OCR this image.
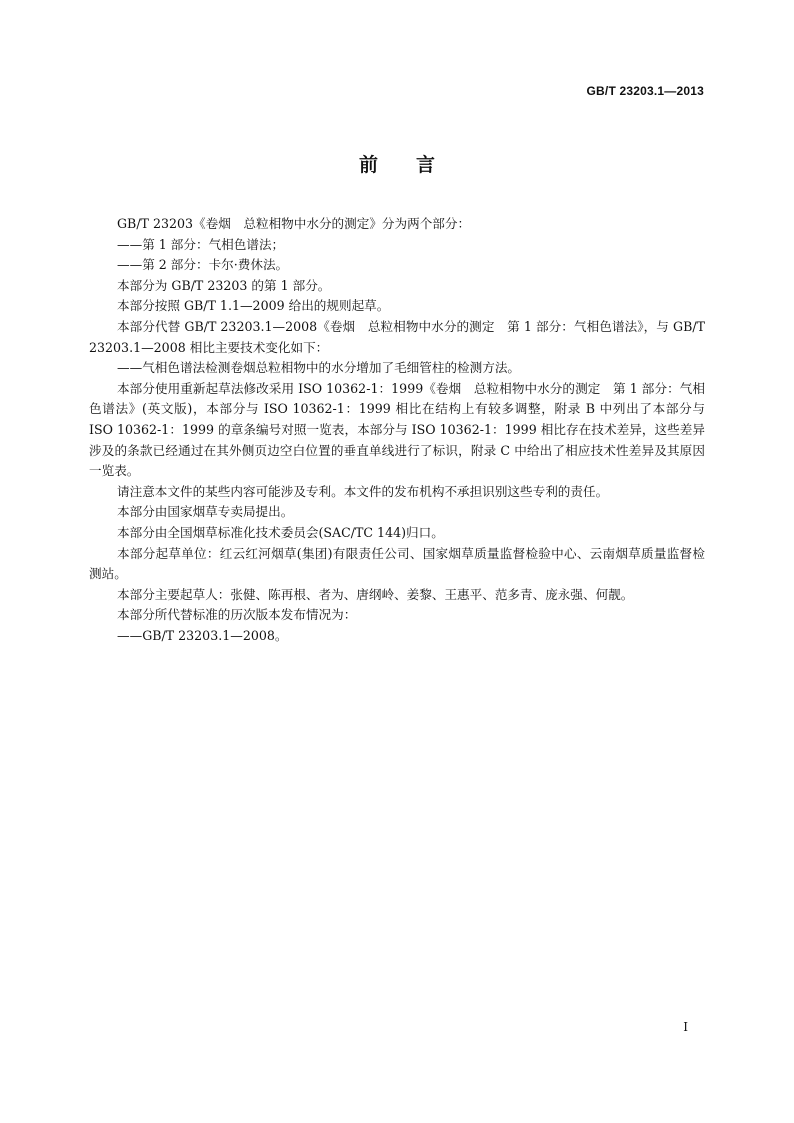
GB/T 23203.1—2013
前言

GB/T 23203《卷烟　总粒相物中水分的测定》分为两个部分：

——第 1 部分：气相色谱法；

——第 2 部分：卡尔·费休法。

本部分为 GB/T 23203 的第 1 部分。

本部分按照 GB/T 1.1—2009 给出的规则起草。

本部分代替 GB/T 23203.1—2008《卷烟　总粒相物中水分的测定　第 1 部分：气相色谱法》，与 GB/T 23203.1—2008 相比主要技术变化如下：

——气相色谱法检测卷烟总粒相物中的水分增加了毛细管柱的检测方法。

本部分使用重新起草法修改采用 ISO 10362-1：1999《卷烟　总粒相物中水分的测定　第 1 部分：气相色谱法》(英文版)，本部分与 ISO 10362-1：1999 相比在结构上有较多调整，附录 B 中列出了本部分与 ISO 10362-1：1999 的章条编号对照一览表，本部分与 ISO 10362-1：1999 相比存在技术差异，这些差异涉及的条款已经通过在其外侧页边空白位置的垂直单线进行了标识，附录 C 中给出了相应技术性差异及其原因一览表。

请注意本文件的某些内容可能涉及专利。本文件的发布机构不承担识别这些专利的责任。

本部分由国家烟草专卖局提出。

本部分由全国烟草标准化技术委员会(SAC/TC 144)归口。

本部分起草单位：红云红河烟草(集团)有限责任公司、国家烟草质量监督检验中心、云南烟草质量监督检测站。

本部分主要起草人：张健、陈再根、者为、唐纲岭、姜黎、王惠平、范多青、庞永强、何靓。

本部分所代替标准的历次版本发布情况为：

——GB/T 23203.1—2008。

I
